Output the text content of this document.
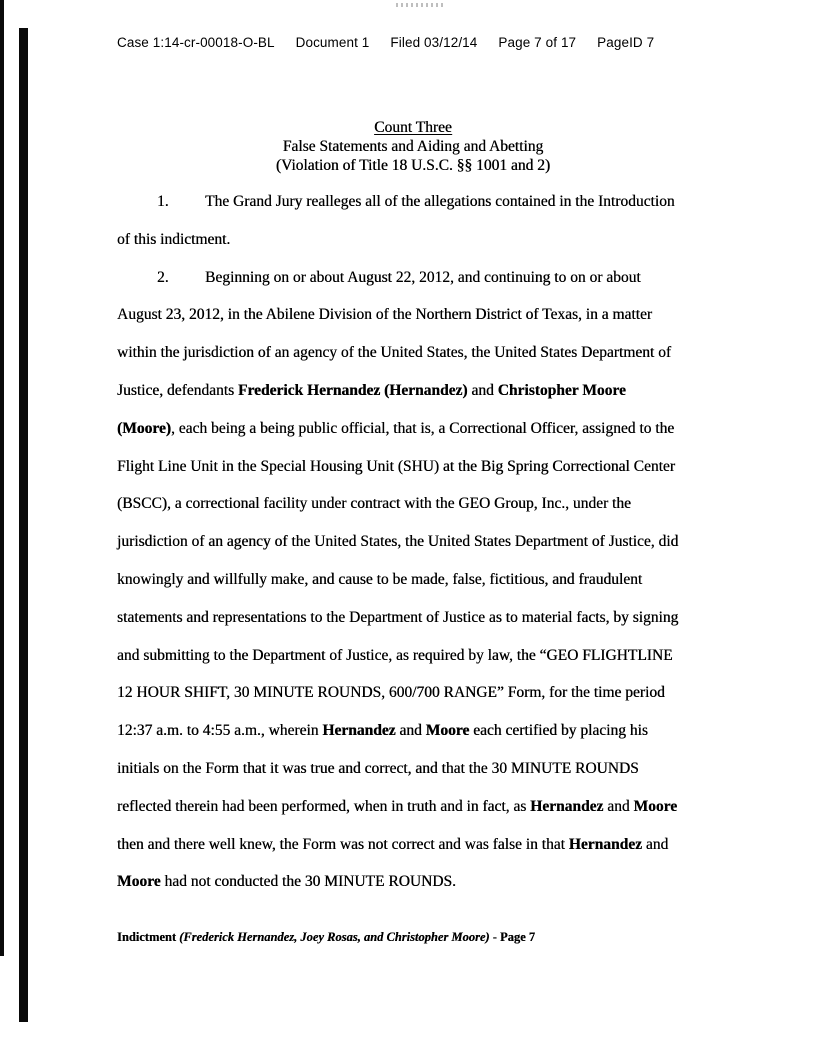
Case 1:14-cr-00018-O-BL Document 1 Filed 03/12/14 Page 7 of 17 PageID 7
Count Three
False Statements and Aiding and Abetting
(Violation of Title 18 U.S.C. §§ 1001 and 2)
1. The Grand Jury realleges all of the allegations contained in the Introduction
of this indictment.
2. Beginning on or about August 22, 2012, and continuing to on or about
August 23, 2012, in the Abilene Division of the Northern District of Texas, in a matter
within the jurisdiction of an agency of the United States, the United States Department of
Justice, defendants Frederick Hernandez (Hernandez) and Christopher Moore
(Moore), each being a being public official, that is, a Correctional Officer, assigned to the
Flight Line Unit in the Special Housing Unit (SHU) at the Big Spring Correctional Center
(BSCC), a correctional facility under contract with the GEO Group, Inc., under the
jurisdiction of an agency of the United States, the United States Department of Justice, did
knowingly and willfully make, and cause to be made, false, fictitious, and fraudulent
statements and representations to the Department of Justice as to material facts, by signing
and submitting to the Department of Justice, as required by law, the “GEO FLIGHTLINE
12 HOUR SHIFT, 30 MINUTE ROUNDS, 600/700 RANGE” Form, for the time period
12:37 a.m. to 4:55 a.m., wherein Hernandez and Moore each certified by placing his
initials on the Form that it was true and correct, and that the 30 MINUTE ROUNDS
reflected therein had been performed, when in truth and in fact, as Hernandez and Moore
then and there well knew, the Form was not correct and was false in that Hernandez and
Moore had not conducted the 30 MINUTE ROUNDS.
Indictment (Frederick Hernandez, Joey Rosas, and Christopher Moore) - Page 7
